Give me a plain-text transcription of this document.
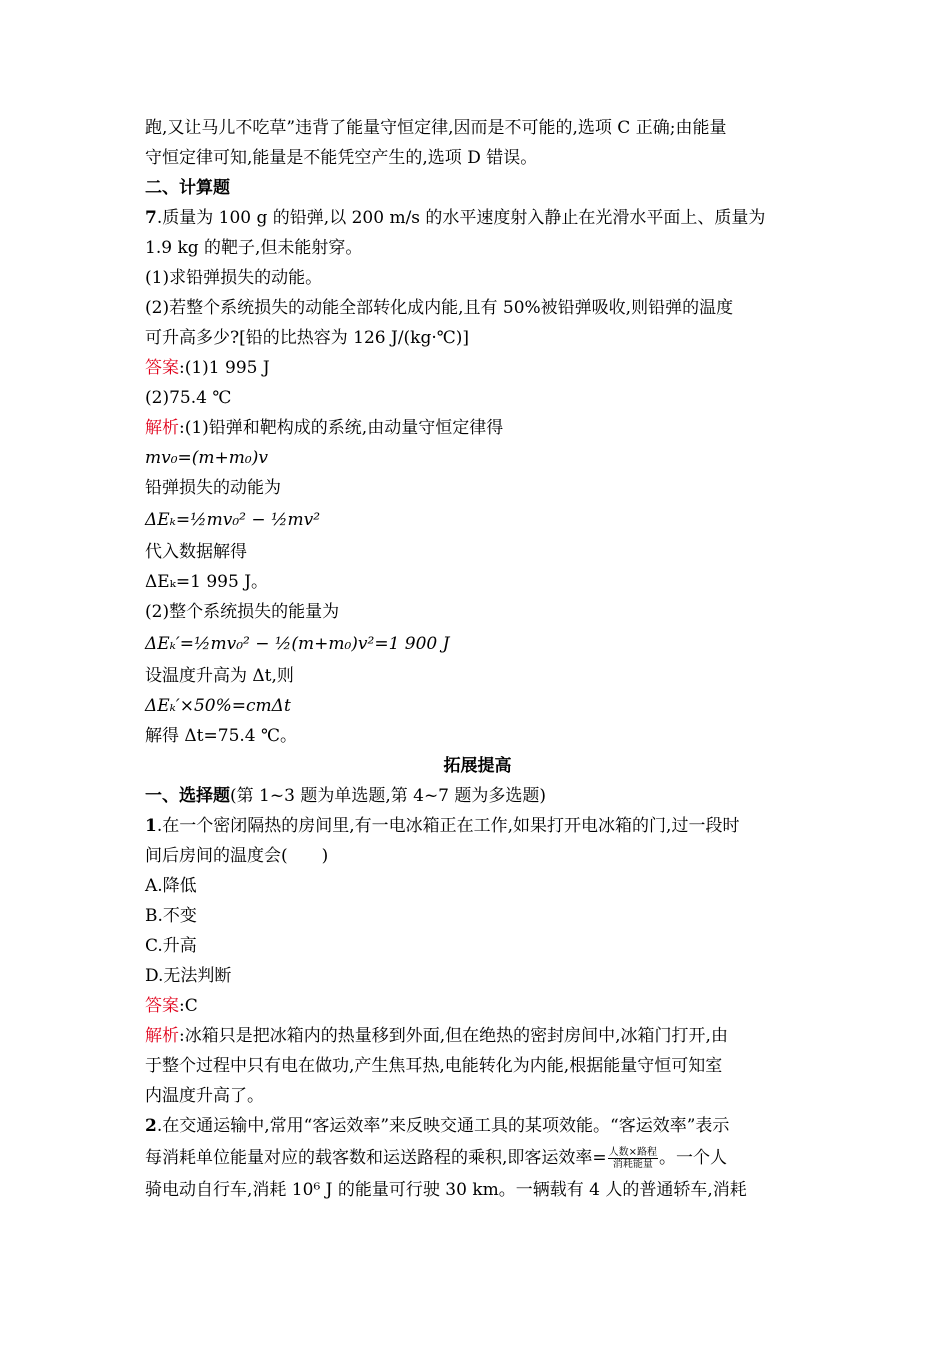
跑,又让马儿不吃草”违背了能量守恒定律,因而是不可能的,选项 C 正确;由能量
守恒定律可知,能量是不能凭空产生的,选项 D 错误。
二、计算题
7.质量为 100 g 的铅弹,以 200 m/s 的水平速度射入静止在光滑水平面上、质量为
1.9 kg 的靶子,但未能射穿。
(1)求铅弹损失的动能。
(2)若整个系统损失的动能全部转化成内能,且有 50%被铅弹吸收,则铅弹的温度
可升高多少?[铅的比热容为 126 J/(kg·℃)]
答案:(1)1 995 J
(2)75.4 ℃
解析:(1)铅弹和靶构成的系统,由动量守恒定律得
mv₀=(m+m₀)v
铅弹损失的动能为
ΔEₖ=½mv₀² − ½mv²
代入数据解得
ΔEₖ=1 995 J。
(2)整个系统损失的能量为
ΔEₖ′=½mv₀² − ½(m+m₀)v²=1 900 J
设温度升高为 Δt,则
ΔEₖ′×50%=cmΔt
解得 Δt=75.4 ℃。
拓展提高
一、选择题(第 1~3 题为单选题,第 4~7 题为多选题)
1.在一个密闭隔热的房间里,有一电冰箱正在工作,如果打开电冰箱的门,过一段时
间后房间的温度会(　　)
A.降低
B.不变
C.升高
D.无法判断
答案:C
解析:冰箱只是把冰箱内的热量移到外面,但在绝热的密封房间中,冰箱门打开,由
于整个过程中只有电在做功,产生焦耳热,电能转化为内能,根据能量守恒可知室
内温度升高了。
2.在交通运输中,常用“客运效率”来反映交通工具的某项效能。“客运效率”表示
每消耗单位能量对应的载客数和运送路程的乘积,即客运效率= $\frac{\text{人数×路程}}{\text{消耗能量}}$ 。一个人
骑电动自行车,消耗 10⁶ J 的能量可行驶 30 km。一辆载有 4 人的普通轿车,消耗
